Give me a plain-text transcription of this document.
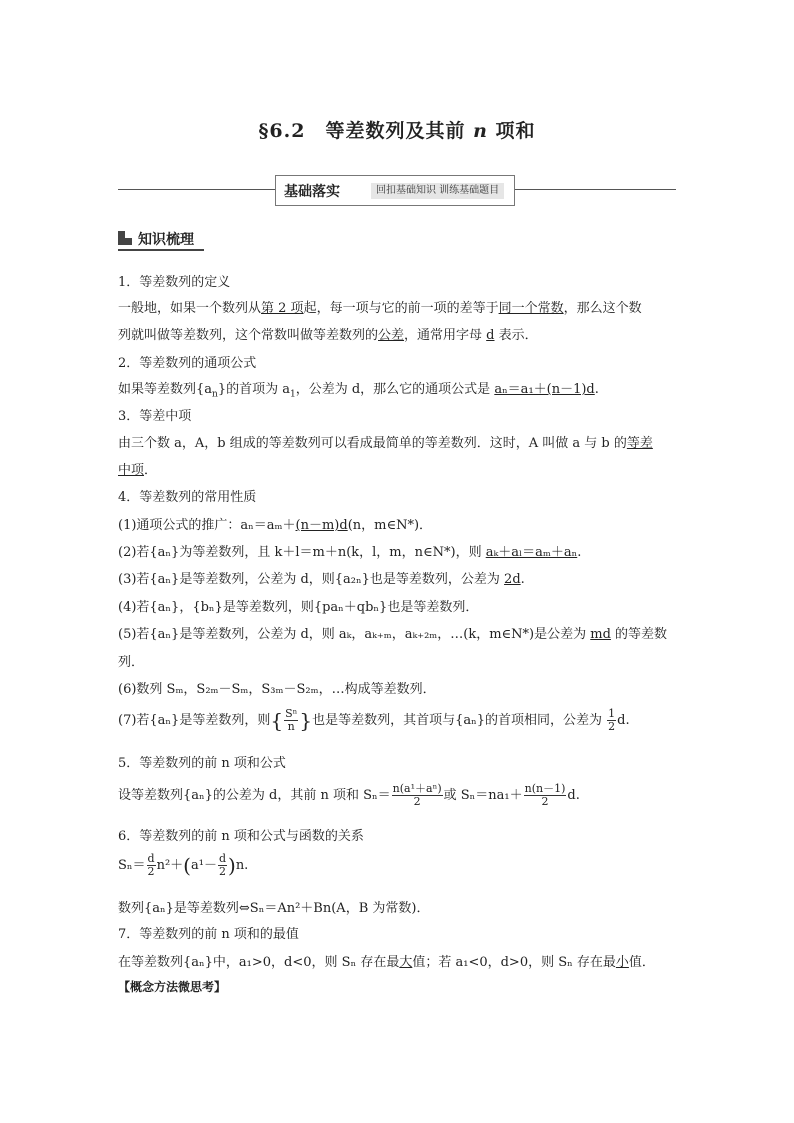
§6.2　等差数列及其前 n 项和
基础落实	回扣基础知识 训练基础题目
知识梳理
1．等差数列的定义
一般地，如果一个数列从第 2 项起，每一项与它的前一项的差等于同一个常数，那么这个数
列就叫做等差数列，这个常数叫做等差数列的公差，通常用字母 d 表示．
2．等差数列的通项公式
如果等差数列$\{a_n\}$的首项为 $a_1$，公差为 d，那么它的通项公式是 aₙ＝a₁＋(n－1)d.
3．等差中项
由三个数 a，A，b 组成的等差数列可以看成最简单的等差数列．这时，A 叫做 a 与 b 的等差
中项．
4．等差数列的常用性质
(1)通项公式的推广：aₙ＝aₘ＋(n－m)d(n，m∈N*)．
(2)若{aₙ}为等差数列，且 k＋l＝m＋n(k，l，m，n∈N*)，则 aₖ＋aₗ＝aₘ＋aₙ.
(3)若{aₙ}是等差数列，公差为 d，则{a₂ₙ}也是等差数列，公差为 2d.
(4)若{aₙ}，{bₙ}是等差数列，则{paₙ＋qbₙ}也是等差数列．
(5)若{aₙ}是等差数列，公差为 d，则 aₖ，aₖ₊ₘ，aₖ₊₂ₘ，…(k，m∈N*)是公差为 md 的等差数
列．
(6)数列 Sₘ，S₂ₘ－Sₘ，S₃ₘ－S₂ₘ，…构成等差数列．
(7)若{aₙ}是等差数列，则{ $\frac{\text{Sⁿ}}{n}$ }也是等差数列，其首项与{aₙ}的首项相同，公差为 $\frac{1}{2} d$.
5．等差数列的前 n 项和公式
设等差数列{aₙ}的公差为 d，其前 n 项和 $S_n= \frac{\text{n(a¹＋aⁿ)}}{2}$ 或 $S_n=na_1+ \frac{n(n-1)}{2} d$.
6．等差数列的前 n 项和公式与函数的关系
$S_n= \frac{d}{2} n^2+(a^1- \frac{d}{2} )n$.
数列{aₙ}是等差数列⇔Sₙ＝An²＋Bn(A，B 为常数)．
7．等差数列的前 n 项和的最值
在等差数列{aₙ}中，a₁>0，d<0，则 Sₙ 存在最大值；若 a₁<0，d>0，则 Sₙ 存在最小值．
【概念方法微思考】
